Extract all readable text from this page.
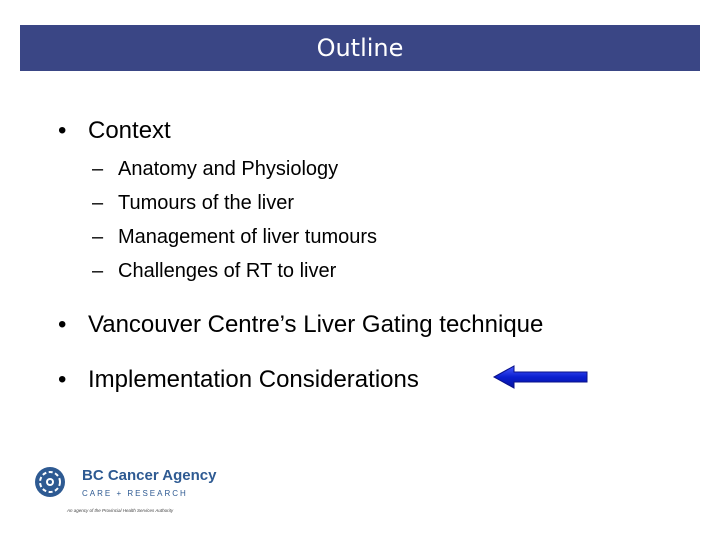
Outline
• Context
– Anatomy and Physiology
– Tumours of the liver
– Management of liver tumours
– Challenges of RT to liver
• Vancouver Centre’s Liver Gating technique
• Implementation Considerations
BC Cancer Agency
CARE + RESEARCH
An agency of the Provincial Health Services Authority
